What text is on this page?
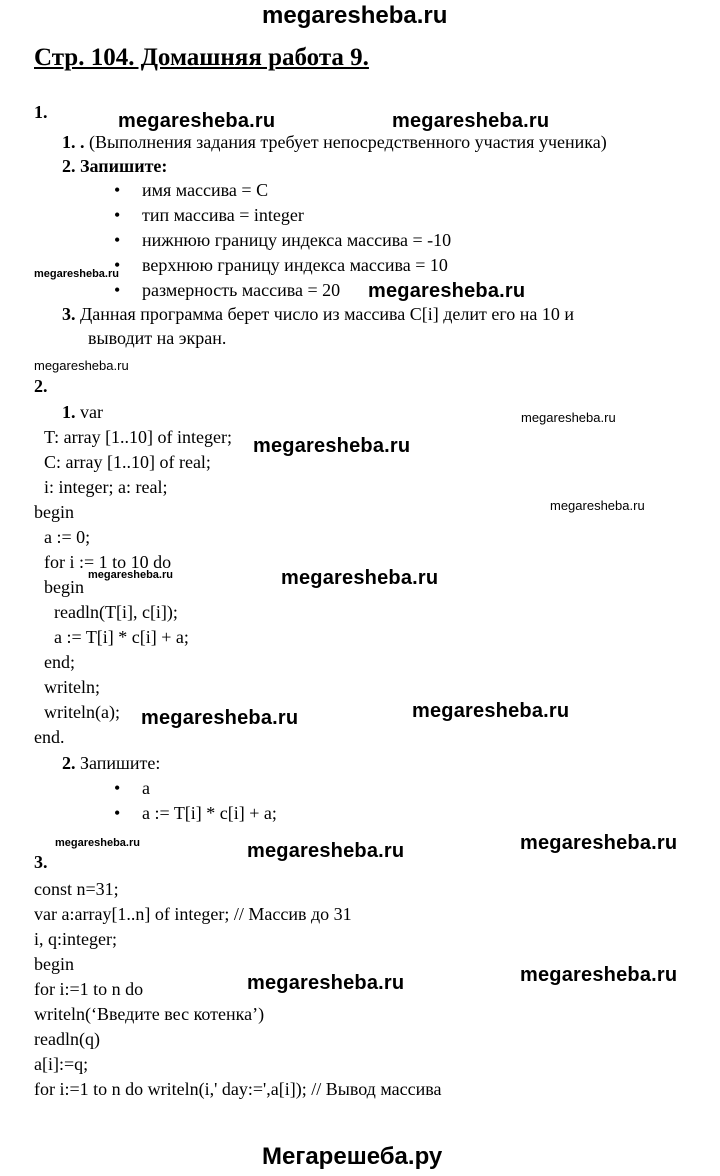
megaresheba.ru
Стр. 104. Домашняя работа 9.
1.
1. . (Выполнения задания требует непосредственного участия ученика)
2. Запишите:
• имя массива = С
• тип массива = integer
• нижнюю границу индекса массива = -10
• верхнюю границу индекса массива = 10
• размерность массива = 20
3. Данная программа берет число из массива C[i] делит его на 10 и
выводит на экран.
2.
1. var
T: array [1..10] of integer;
C: array [1..10] of real;
i: integer; a: real;
begin
a := 0;
for i := 1 to 10 do
begin
readln(T[i], c[i]);
a := T[i] * c[i] + a;
end;
writeln;
writeln(a);
end.
2. Запишите:
• a
• a := T[i] * c[i] + a;
3.
const n=31;
var a:array[1..n] of integer; // Массив до 31
i, q:integer;
begin
for i:=1 to n do
writeln(‘Введите вес котенка’)
readln(q)
a[i]:=q;
for i:=1 to n do writeln(i,' day:=',a[i]); // Вывод массива
megaresheba.ru	megaresheba.ru
megaresheba.ru
megaresheba.ru
megaresheba.ru
megaresheba.ru
megaresheba.ru
megaresheba.ru
megaresheba.ru	megaresheba.ru
megaresheba.ru
megaresheba.ru
megaresheba.ru	megaresheba.ru
megaresheba.ru
megaresheba.ru	megaresheba.ru
Мегарешеба.ру
